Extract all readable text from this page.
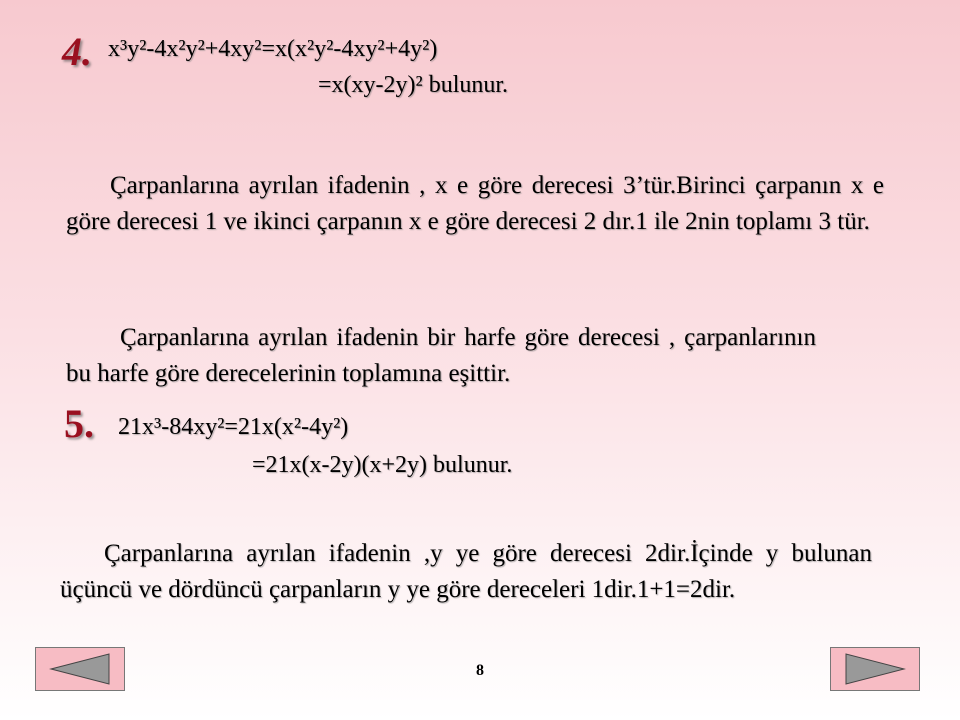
4. x³y²-4x²y²+4xy²=x(x²y²-4xy²+4y²)
=x(xy-2y)² bulunur.
Çarpanlarına ayrılan ifadenin , x e göre derecesi 3’tür.Birinci çarpanın x e göre derecesi 1 ve ikinci çarpanın x e göre derecesi 2 dır.1 ile 2nin toplamı 3 tür.
Çarpanlarına ayrılan ifadenin bir harfe göre derecesi , çarpanlarının bu harfe göre derecelerinin toplamına eşittir.
5. 21x³-84xy²=21x(x²-4y²)
=21x(x-2y)(x+2y) bulunur.
Çarpanlarına ayrılan ifadenin ,y ye göre derecesi 2dir.İçinde y bulunan üçüncü ve dördüncü çarpanların y ye göre dereceleri 1dir.1+1=2dir.
8
